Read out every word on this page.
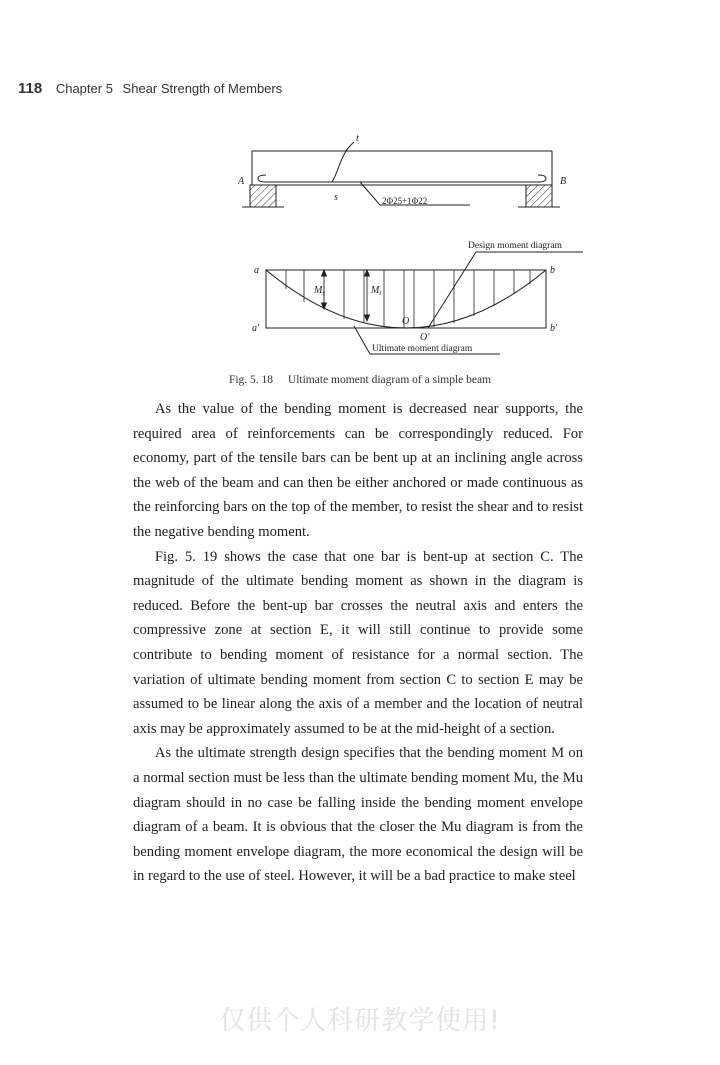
118 Chapter 5 Shear Strength of Members
A	B
t
s	2Φ25+1Φ22
a	b
a'	b'
O
O'
$M_s$	$M_t$
Design moment diagram
Ultimate moment diagram
Fig. 5. 18 Ultimate moment diagram of a simple beam

As the value of the bending moment is decreased near supports, the required area of reinforcements can be correspondingly reduced. For economy, part of the tensile bars can be bent up at an inclining angle across the web of the beam and can then be either anchored or made continuous as the reinforcing bars on the top of the member, to resist the shear and to resist the negative bending moment.

Fig. 5. 19 shows the case that one bar is bent-up at section C. The magnitude of the ultimate bending moment as shown in the diagram is reduced. Before the bent-up bar crosses the neutral axis and enters the compressive zone at section E, it will still continue to provide some contribute to bending moment of resistance for a normal section. The variation of ultimate bending moment from section C to section E may be assumed to be linear along the axis of a member and the location of neutral axis may be approximately assumed to be at the mid-height of a section.

As the ultimate strength design specifies that the bending moment M on a normal section must be less than the ultimate bending moment Mu, the Mu diagram should in no case be falling inside the bending moment envelope diagram of a beam. It is obvious that the closer the Mu diagram is from the bending moment envelope diagram, the more economical the design will be in regard to the use of steel. However, it will be a bad practice to make steel

仅供个人科研教学使用!
